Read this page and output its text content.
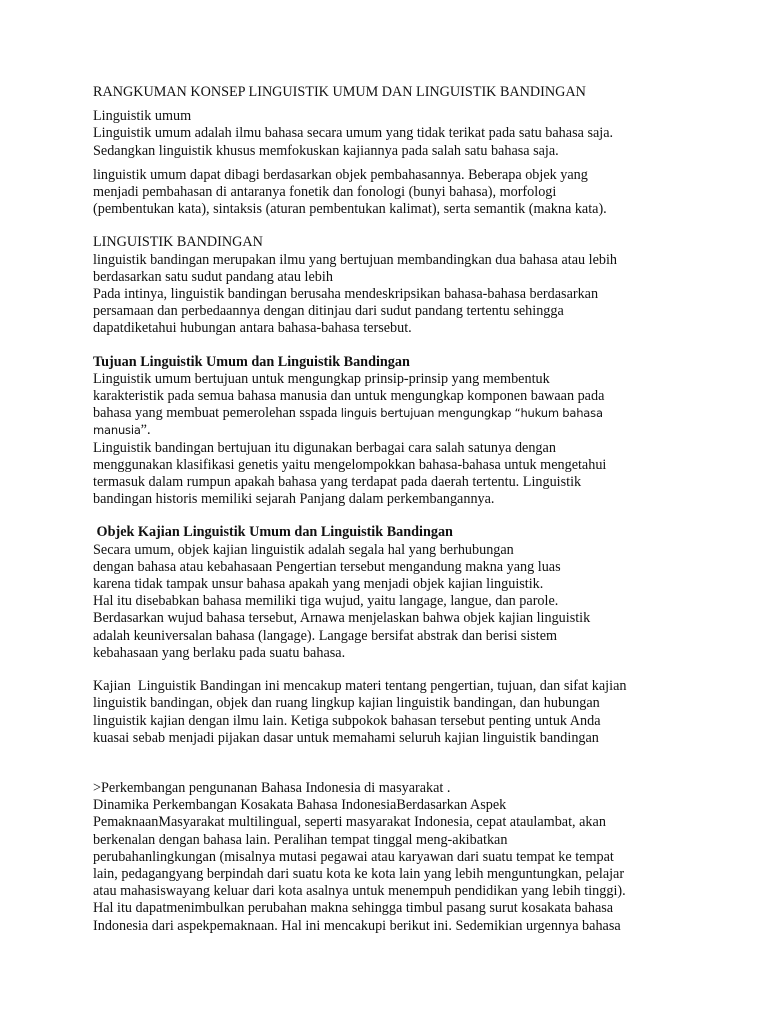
RANGKUMAN KONSEP LINGUISTIK UMUM DAN LINGUISTIK BANDINGAN
Linguistik umum
Linguistik umum adalah ilmu bahasa secara umum yang tidak terikat pada satu bahasa saja.
Sedangkan linguistik khusus memfokuskan kajiannya pada salah satu bahasa saja.
linguistik umum dapat dibagi berdasarkan objek pembahasannya. Beberapa objek yang
menjadi pembahasan di antaranya fonetik dan fonologi (bunyi bahasa), morfologi
(pembentukan kata), sintaksis (aturan pembentukan kalimat), serta semantik (makna kata).
LINGUISTIK BANDINGAN
linguistik bandingan merupakan ilmu yang bertujuan membandingkan dua bahasa atau lebih
berdasarkan satu sudut pandang atau lebih
Pada intinya, linguistik bandingan berusaha mendeskripsikan bahasa-bahasa berdasarkan
persamaan dan perbedaannya dengan ditinjau dari sudut pandang tertentu sehingga
dapatdiketahui hubungan antara bahasa-bahasa tersebut.
Tujuan Linguistik Umum dan Linguistik Bandingan
Linguistik umum bertujuan untuk mengungkap prinsip-prinsip yang membentuk
karakteristik pada semua bahasa manusia dan untuk mengungkap komponen bawaan pada
bahasa yang membuat pemerolehan sspada linguis bertujuan mengungkap “hukum bahasa
manusia”.
Linguistik bandingan bertujuan itu digunakan berbagai cara salah satunya dengan
menggunakan klasifikasi genetis yaitu mengelompokkan bahasa-bahasa untuk mengetahui
termasuk dalam rumpun apakah bahasa yang terdapat pada daerah tertentu. Linguistik
bandingan historis memiliki sejarah Panjang dalam perkembangannya.
Objek Kajian Linguistik Umum dan Linguistik Bandingan
Secara umum, objek kajian linguistik adalah segala hal yang berhubungan
dengan bahasa atau kebahasaan Pengertian tersebut mengandung makna yang luas
karena tidak tampak unsur bahasa apakah yang menjadi objek kajian linguistik.
Hal itu disebabkan bahasa memiliki tiga wujud, yaitu langage, langue, dan parole.
Berdasarkan wujud bahasa tersebut, Arnawa menjelaskan bahwa objek kajian linguistik
adalah keuniversalan bahasa (langage). Langage bersifat abstrak dan berisi sistem
kebahasaan yang berlaku pada suatu bahasa.
Kajian  Linguistik Bandingan ini mencakup materi tentang pengertian, tujuan, dan sifat kajian
linguistik bandingan, objek dan ruang lingkup kajian linguistik bandingan, dan hubungan
linguistik kajian dengan ilmu lain. Ketiga subpokok bahasan tersebut penting untuk Anda
kuasai sebab menjadi pijakan dasar untuk memahami seluruh kajian linguistik bandingan
>Perkembangan pengunanan Bahasa Indonesia di masyarakat .
Dinamika Perkembangan Kosakata Bahasa IndonesiaBerdasarkan Aspek
PemaknaanMasyarakat multilingual, seperti masyarakat Indonesia, cepat ataulambat, akan
berkenalan dengan bahasa lain. Peralihan tempat tinggal meng-akibatkan
perubahanlingkungan (misalnya mutasi pegawai atau karyawan dari suatu tempat ke tempat
lain, pedagangyang berpindah dari suatu kota ke kota lain yang lebih menguntungkan, pelajar
atau mahasiswayang keluar dari kota asalnya untuk menempuh pendidikan yang lebih tinggi).
Hal itu dapatmenimbulkan perubahan makna sehingga timbul pasang surut kosakata bahasa
Indonesia dari aspekpemaknaan. Hal ini mencakupi berikut ini. Sedemikian urgennya bahasa
